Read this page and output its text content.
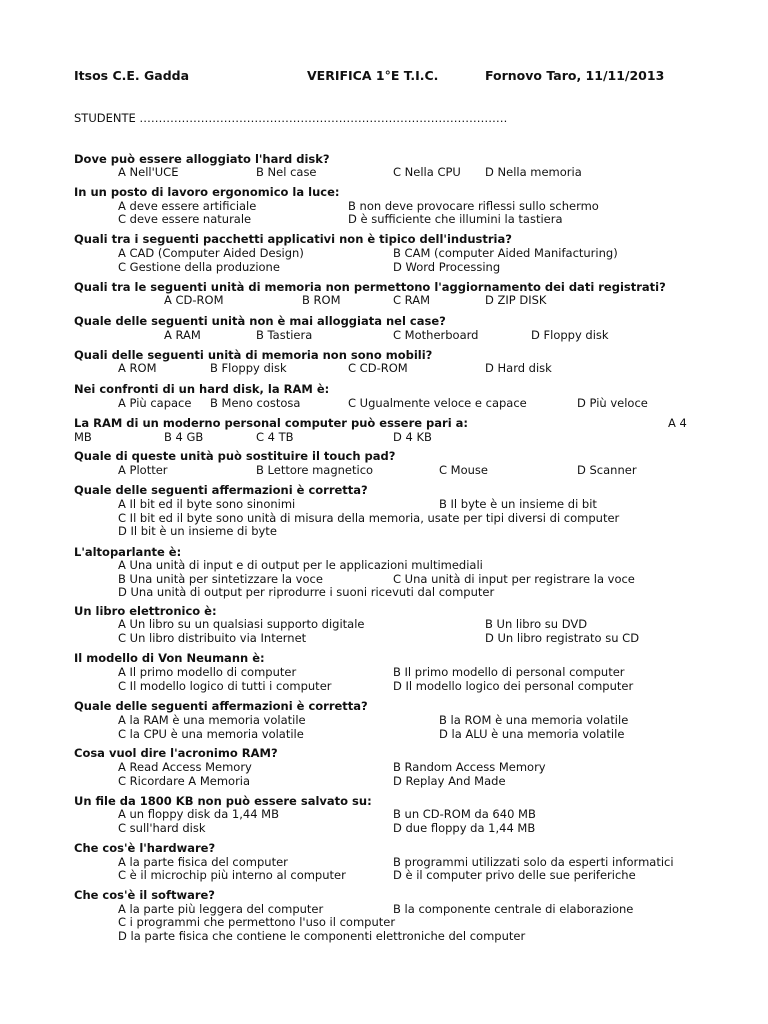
Itsos C.E. Gadda	VERIFICA 1°E T.I.C.	Fornovo Taro, 11/11/2013
STUDENTE ……………………………………………………………………………………
Dove può essere alloggiato l'hard disk?
A Nell'UCE	B Nel case	C Nella CPU D Nella memoria
In un posto di lavoro ergonomico la luce:
A deve essere artificiale	B non deve provocare riflessi sullo schermo
C deve essere naturale	D è sufficiente che illumini la tastiera
Quali tra i seguenti pacchetti applicativi non è tipico dell'industria?
A CAD (Computer Aided Design)	B CAM (computer Aided Manifacturing)
C Gestione della produzione	D Word Processing
Quali tra le seguenti unità di memoria non permettono l'aggiornamento dei dati registrati?
A CD-ROM	B ROM	C RAM	D ZIP DISK
Quale delle seguenti unità non è mai alloggiata nel case?
A RAM	B Tastiera	C Motherboard	D Floppy disk
Quali delle seguenti unità di memoria non sono mobili?
A ROM	B Floppy disk	C CD-ROM	D Hard disk
Nei confronti di un hard disk, la RAM è:
A Più capace B Meno costosa	C Ugualmente veloce e capace	D Più veloce
La RAM di un moderno personal computer può essere pari a:	A 4
MB	B 4 GB	C 4 TB	D 4 KB
Quale di queste unità può sostituire il touch pad?
A Plotter	B Lettore magnetico	C Mouse	D Scanner
Quale delle seguenti affermazioni è corretta?
A Il bit ed il byte sono sinonimi	B Il byte è un insieme di bit
C Il bit ed il byte sono unità di misura della memoria, usate per tipi diversi di computer
D Il bit è un insieme di byte
L'altoparlante è:
A Una unità di input e di output per le applicazioni multimediali
B Una unità per sintetizzare la voce	C Una unità di input per registrare la voce
D Una unità di output per riprodurre i suoni ricevuti dal computer
Un libro elettronico è:
A Un libro su un qualsiasi supporto digitale	B Un libro su DVD
C Un libro distribuito via Internet	D Un libro registrato su CD
Il modello di Von Neumann è:
A Il primo modello di computer	B Il primo modello di personal computer
C Il modello logico di tutti i computer	D Il modello logico dei personal computer
Quale delle seguenti affermazioni è corretta?
A la RAM è una memoria volatile	B la ROM è una memoria volatile
C la CPU è una memoria volatile	D la ALU è una memoria volatile
Cosa vuol dire l'acronimo RAM?
A Read Access Memory	B Random Access Memory
C Ricordare A Memoria	D Replay And Made
Un file da 1800 KB non può essere salvato su:
A un floppy disk da 1,44 MB	B un CD-ROM da 640 MB
C sull'hard disk	D due floppy da 1,44 MB
Che cos'è l'hardware?
A la parte fisica del computer	B programmi utilizzati solo da esperti informatici
C è il microchip più interno al computer	D è il computer privo delle sue periferiche
Che cos'è il software?
A la parte più leggera del computer	B la componente centrale di elaborazione
C i programmi che permettono l'uso il computer
D la parte fisica che contiene le componenti elettroniche del computer
